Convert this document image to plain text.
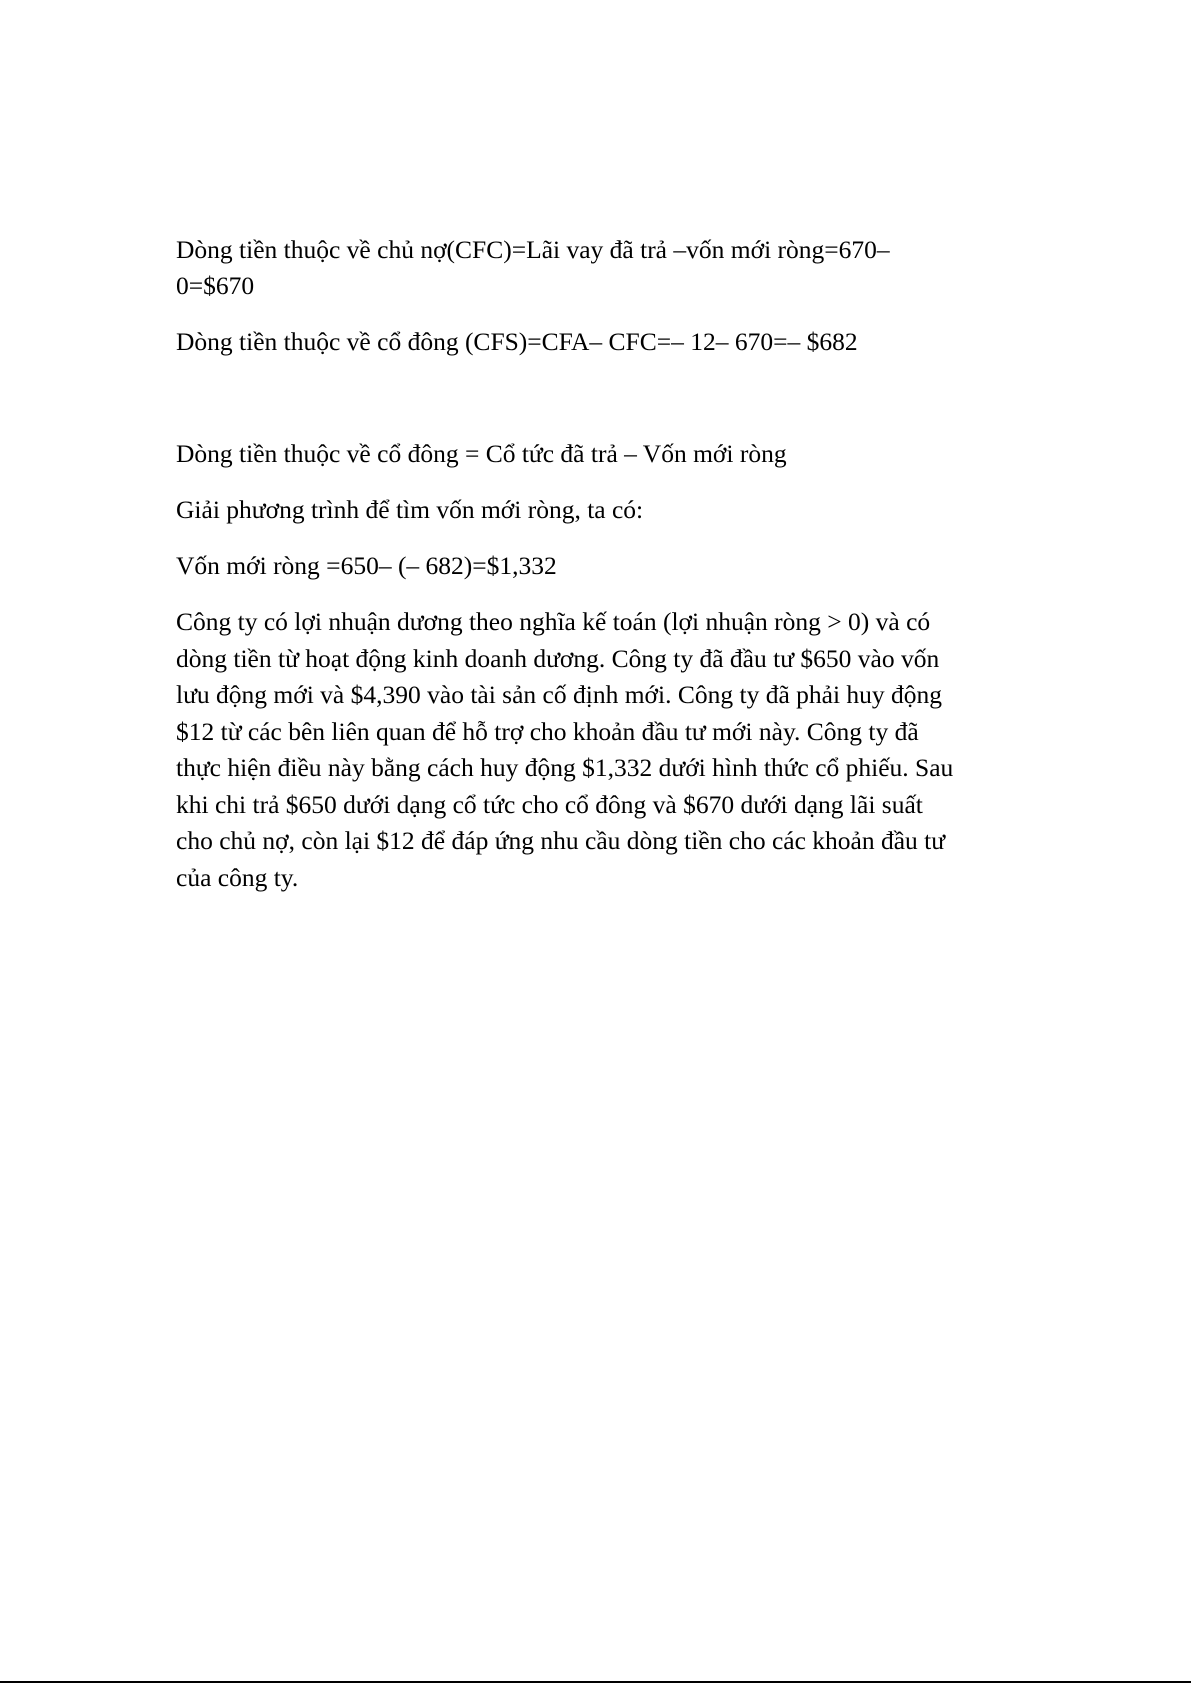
Dòng tiền thuộc về chủ nợ(CFC)=Lãi vay đã trả –vốn mới ròng=670–

0=$670

Dòng tiền thuộc về cổ đông (CFS)=CFA– CFC=– 12– 670=– $682

Dòng tiền thuộc về cổ đông = Cổ tức đã trả – Vốn mới ròng

Giải phương trình để tìm vốn mới ròng, ta có:

Vốn mới ròng =650– (– 682)=$1,332

Công ty có lợi nhuận dương theo nghĩa kế toán (lợi nhuận ròng > 0) và có
dòng tiền từ hoạt động kinh doanh dương. Công ty đã đầu tư $650 vào vốn
lưu động mới và $4,390 vào tài sản cố định mới. Công ty đã phải huy động
$12 từ các bên liên quan để hỗ trợ cho khoản đầu tư mới này. Công ty đã
thực hiện điều này bằng cách huy động $1,332 dưới hình thức cổ phiếu. Sau
khi chi trả $650 dưới dạng cổ tức cho cổ đông và $670 dưới dạng lãi suất
cho chủ nợ, còn lại $12 để đáp ứng nhu cầu dòng tiền cho các khoản đầu tư
của công ty.
